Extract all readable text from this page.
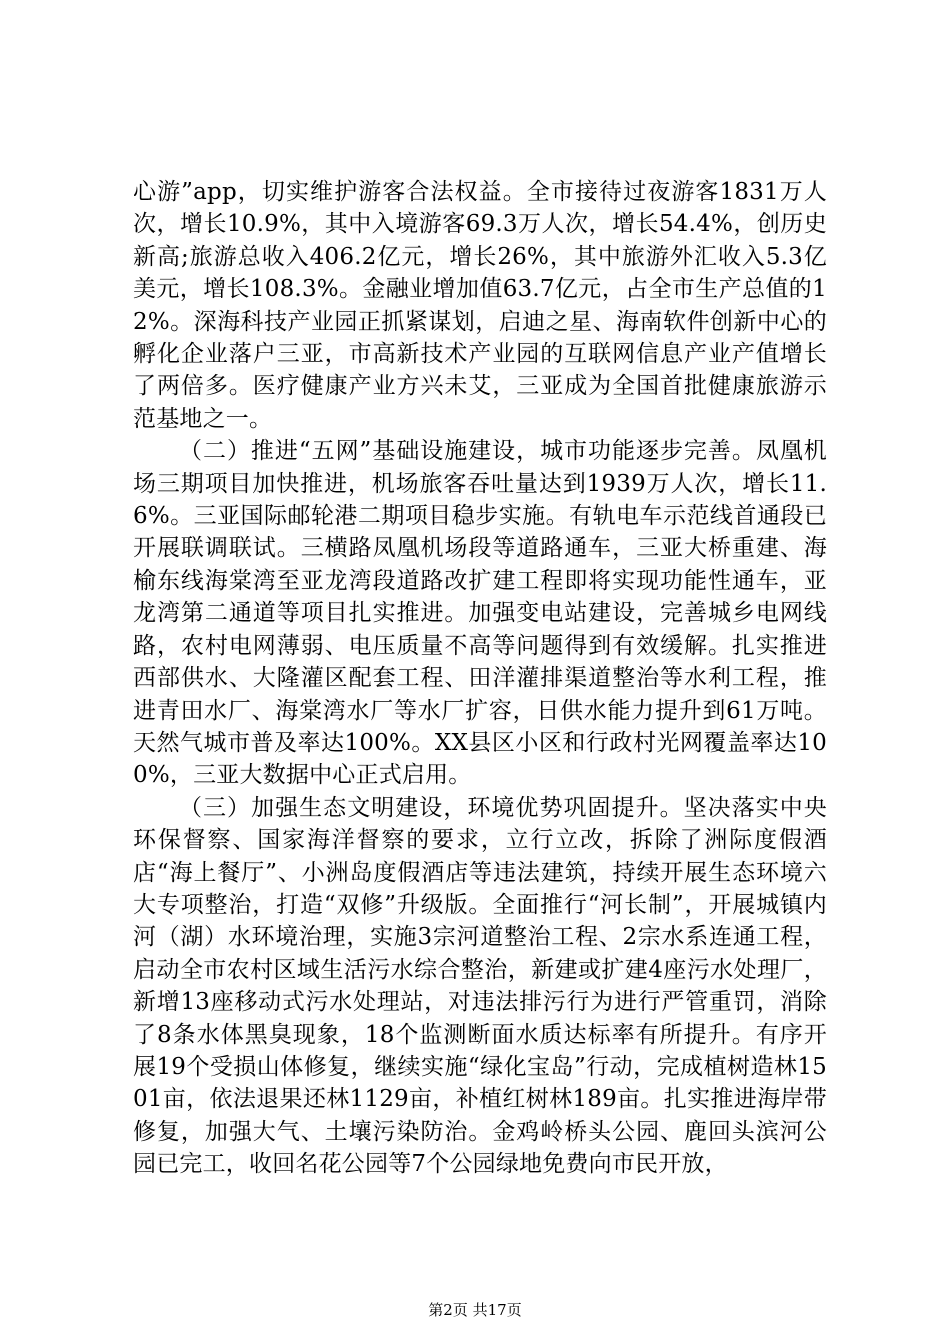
心游”app，切实维护游客合法权益。全市接待过夜游客1831万人次，增长10.9%，其中入境游客69.3万人次，增长54.4%，创历史新高;旅游总收入406.2亿元，增长26%，其中旅游外汇收入5.3亿美元，增长108.3%。金融业增加值63.7亿元，占全市生产总值的12%。深海科技产业园正抓紧谋划，启迪之星、海南软件创新中心的孵化企业落户三亚，市高新技术产业园的互联网信息产业产值增长了两倍多。医疗健康产业方兴未艾，三亚成为全国首批健康旅游示范基地之一。

（二）推进“五网”基础设施建设，城市功能逐步完善。凤凰机场三期项目加快推进，机场旅客吞吐量达到1939万人次，增长11.6%。三亚国际邮轮港二期项目稳步实施。有轨电车示范线首通段已开展联调联试。三横路凤凰机场段等道路通车，三亚大桥重建、海榆东线海棠湾至亚龙湾段道路改扩建工程即将实现功能性通车，亚龙湾第二通道等项目扎实推进。加强变电站建设，完善城乡电网线路，农村电网薄弱、电压质量不高等问题得到有效缓解。扎实推进西部供水、大隆灌区配套工程、田洋灌排渠道整治等水利工程，推进青田水厂、海棠湾水厂等水厂扩容，日供水能力提升到61万吨。天然气城市普及率达100%。XX县区小区和行政村光网覆盖率达100%，三亚大数据中心正式启用。

（三）加强生态文明建设，环境优势巩固提升。坚决落实中央环保督察、国家海洋督察的要求，立行立改，拆除了洲际度假酒店“海上餐厅”、小洲岛度假酒店等违法建筑，持续开展生态环境六大专项整治，打造“双修”升级版。全面推行“河长制”，开展城镇内河（湖）水环境治理，实施3宗河道整治工程、2宗水系连通工程，启动全市农村区域生活污水综合整治，新建或扩建4座污水处理厂，新增13座移动式污水处理站，对违法排污行为进行严管重罚，消除了8条水体黑臭现象，18个监测断面水质达标率有所提升。有序开展19个受损山体修复，继续实施“绿化宝岛”行动，完成植树造林1501亩，依法退果还林1129亩，补植红树林189亩。扎实推进海岸带修复，加强大气、土壤污染防治。金鸡岭桥头公园、鹿回头滨河公园已完工，收回名花公园等7个公园绿地免费向市民开放，

第2页 共17页
